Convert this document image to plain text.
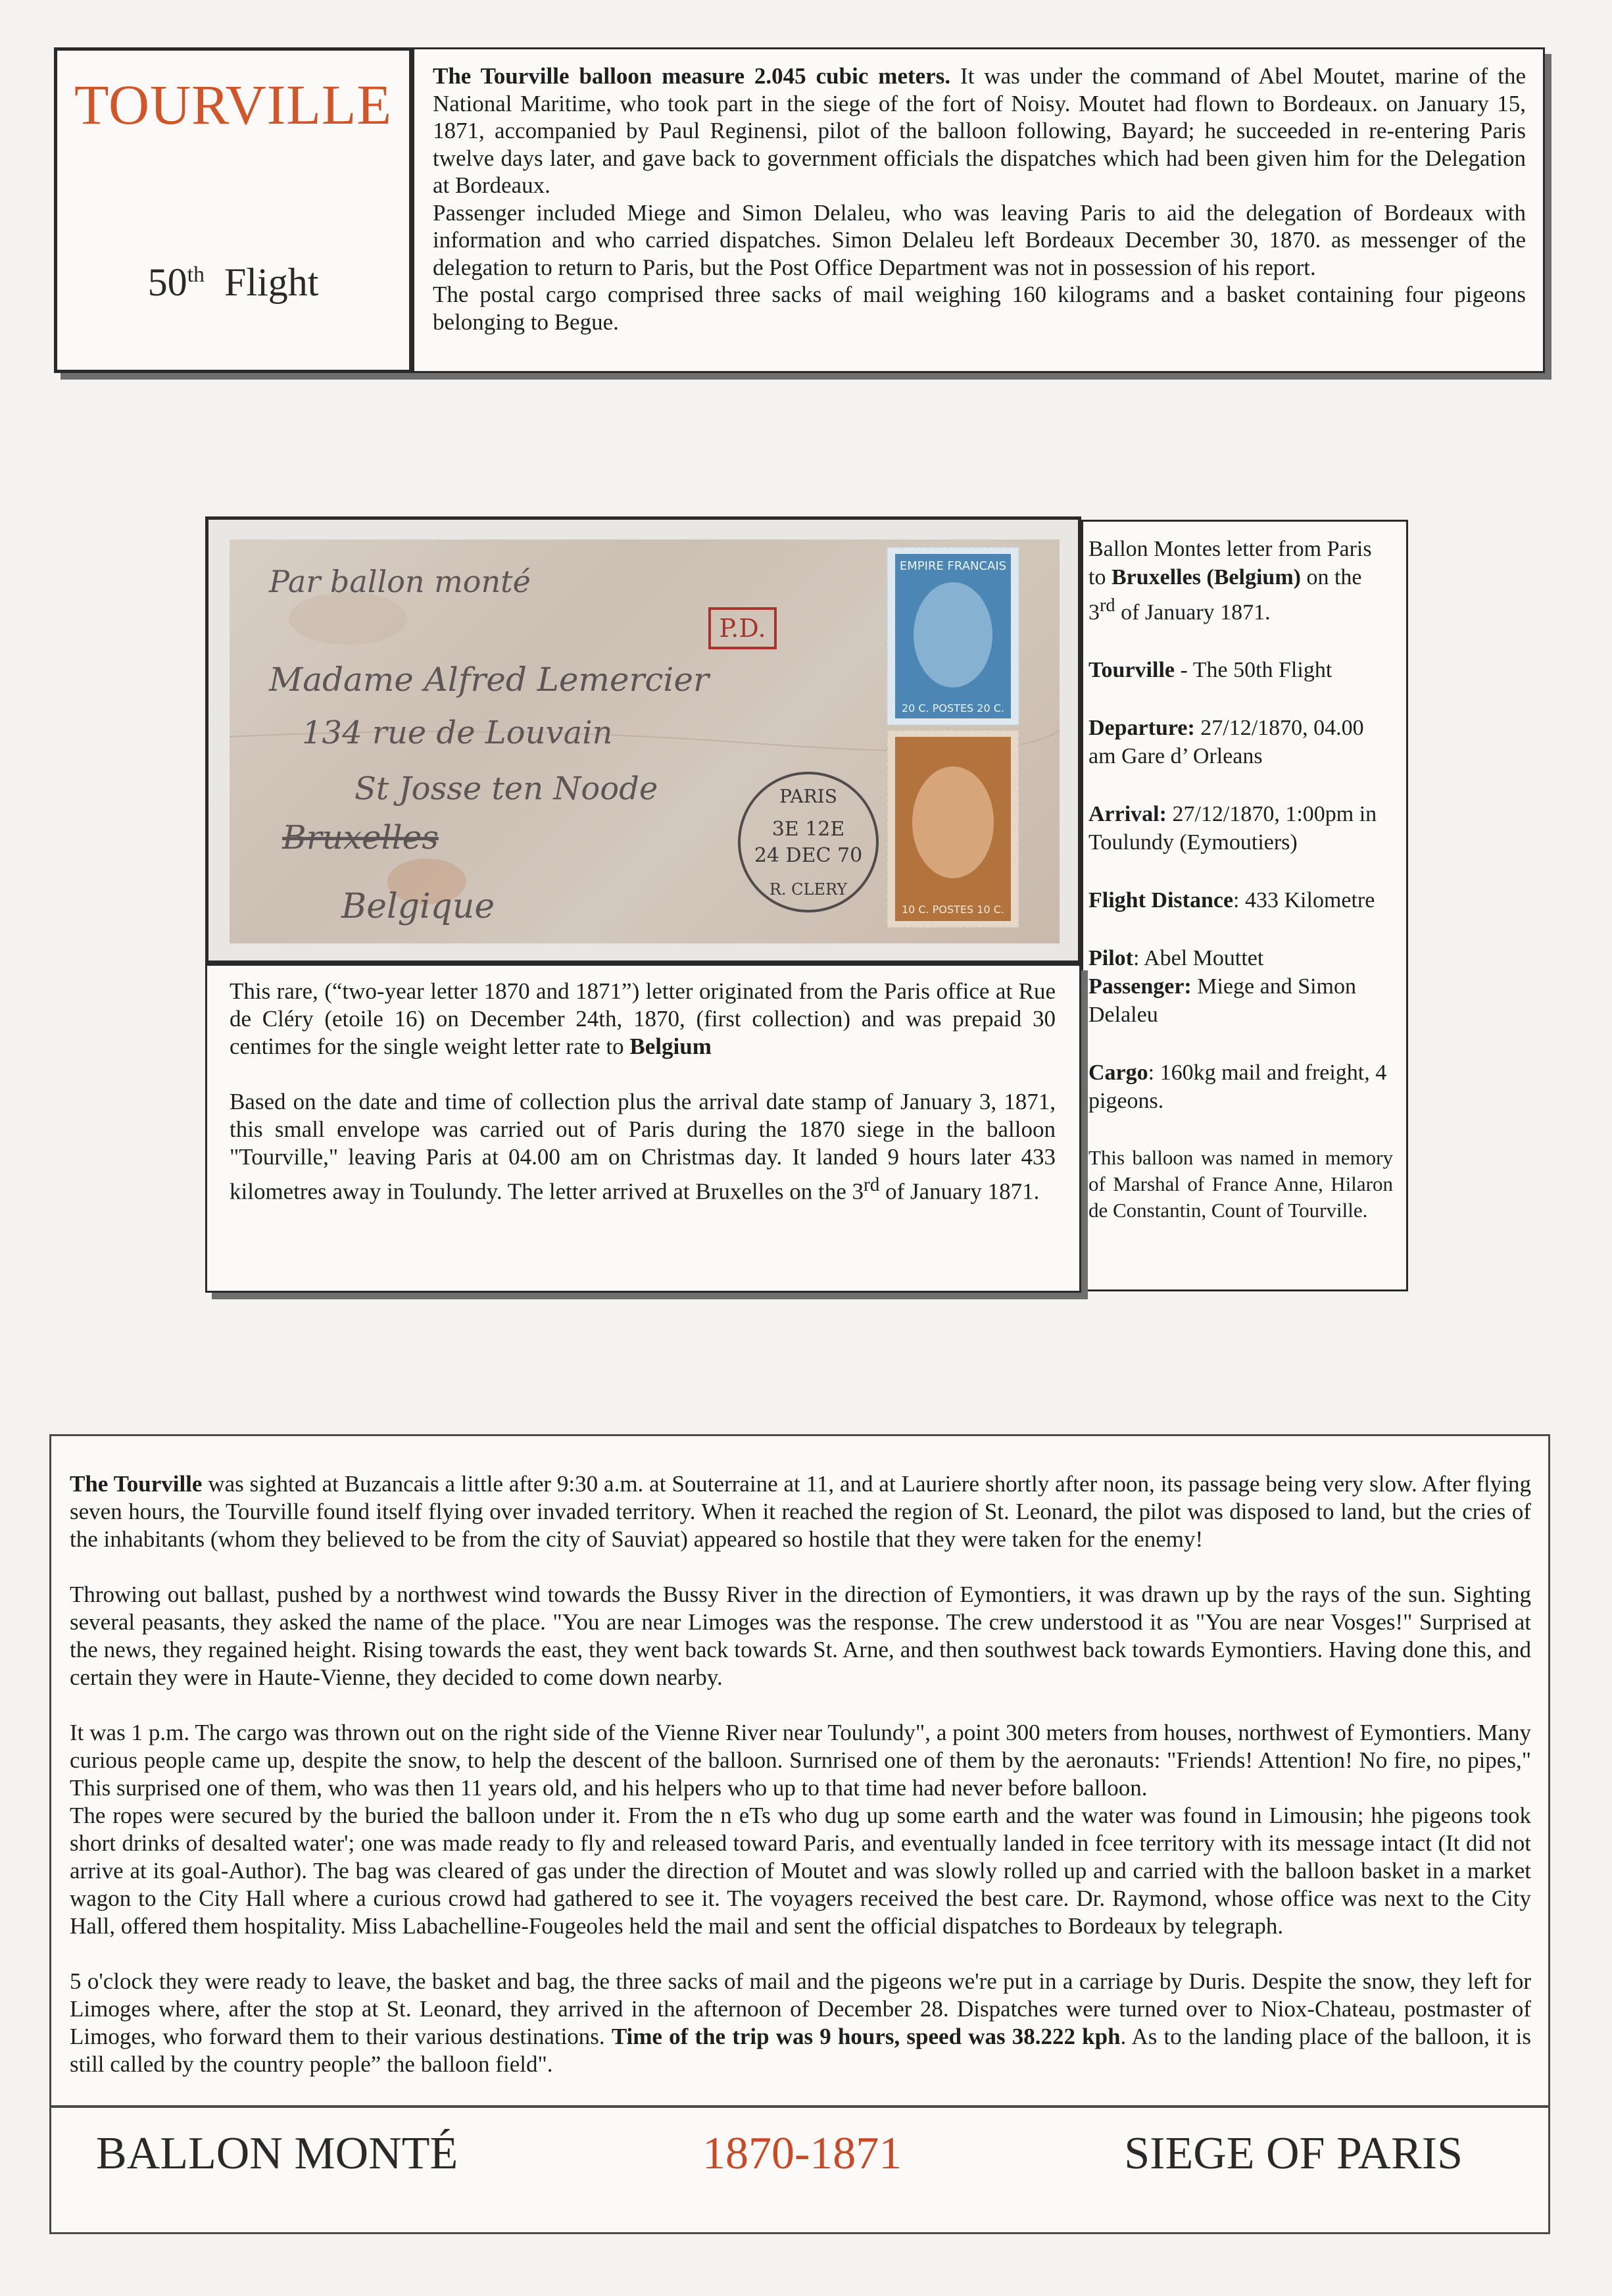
TOURVILLE
50th Flight
The Tourville balloon measure 2.045 cubic meters. It was under the command of Abel Moutet, marine of the National Maritime, who took part in the siege of the fort of Noisy. Moutet had flown to Bordeaux. on January 15, 1871, accompanied by Paul Reginensi, pilot of the balloon following, Bayard; he succeeded in re-entering Paris twelve days later, and gave back to government officials the dispatches which had been given him for the Delegation at Bordeaux.
Passenger included Miege and Simon Delaleu, who was leaving Paris to aid the delegation of Bordeaux with information and who carried dispatches. Simon Delaleu left Bordeaux December 30, 1870. as messenger of the delegation to return to Paris, but the Post Office Department was not in possession of his report.
The postal cargo comprised three sacks of mail weighing 160 kilograms and a basket containing four pigeons belonging to Begue.
Par ballon monté
Madame Alfred Lemercier
134 rue de Louvain
St Josse ten Noode
Bruxelles
Belgique
P.D.
EMPIRE FRANCAIS
20 C. POSTES 20 C.
10 C. POSTES 10 C.
PARIS
3E 12E
24 DEC 70
R. CLERY

Ballon Montes letter from Paris to Bruxelles (Belgium) on the 3rd of January 1871.

Tourville - The 50th Flight

Departure: 27/12/1870, 04.00 am Gare d’ Orleans

Arrival: 27/12/1870, 1:00pm in Toulundy (Eymoutiers)

Flight Distance: 433 Kilometre

Pilot: Abel Mouttet
Passenger: Miege and Simon Delaleu

Cargo: 160kg mail and freight, 4 pigeons.

This balloon was named in memory of Marshal of France Anne, Hilaron de Constantin, Count of Tourville.

This rare, (“two-year letter 1870 and 1871”) letter originated from the Paris office at Rue de Cléry (etoile 16) on December 24th, 1870, (first collection) and was prepaid 30 centimes for the single weight letter rate to Belgium

Based on the date and time of collection plus the arrival date stamp of January 3, 1871, this small envelope was carried out of Paris during the 1870 siege in the balloon "Tourville," leaving Paris at 04.00 am on Christmas day. It landed 9 hours later 433 kilometres away in Toulundy. The letter arrived at Bruxelles on the 3rd of January 1871.

The Tourville was sighted at Buzancais a little after 9:30 a.m. at Souterraine at 11, and at Lauriere shortly after noon, its passage being very slow. After flying seven hours, the Tourville found itself flying over invaded territory. When it reached the region of St. Leonard, the pilot was disposed to land, but the cries of the inhabitants (whom they believed to be from the city of Sauviat) appeared so hostile that they were taken for the enemy!

Throwing out ballast, pushed by a northwest wind towards the Bussy River in the direction of Eymontiers, it was drawn up by the rays of the sun. Sighting several peasants, they asked the name of the place. "You are near Limoges was the response. The crew understood it as "You are near Vosges!" Surprised at the news, they regained height. Rising towards the east, they went back towards St. Arne, and then southwest back towards Eymontiers. Having done this, and certain they were in Haute-Vienne, they decided to come down nearby.

It was 1 p.m. The cargo was thrown out on the right side of the Vienne River near Toulundy", a point 300 meters from houses, northwest of Eymontiers. Many curious people came up, despite the snow, to help the descent of the balloon. Surnrised one of them by the aeronauts: "Friends! Attention! No fire, no pipes," This surprised one of them, who was then 11 years old, and his helpers who up to that time had never before balloon.
The ropes were secured by the buried the balloon under it. From the n eTs who dug up some earth and the water was found in Limousin; hhe pigeons took short drinks of desalted water'; one was made ready to fly and released toward Paris, and eventually landed in fcee territory with its message intact (It did not arrive at its goal-Author). The bag was cleared of gas under the direction of Moutet and was slowly rolled up and carried with the balloon basket in a market wagon to the City Hall where a curious crowd had gathered to see it. The voyagers received the best care. Dr. Raymond, whose office was next to the City Hall, offered them hospitality. Miss Labachelline-Fougeoles held the mail and sent the official dispatches to Bordeaux by telegraph.

5 o'clock they were ready to leave, the basket and bag, the three sacks of mail and the pigeons we're put in a carriage by Duris. Despite the snow, they left for Limoges where, after the stop at St. Leonard, they arrived in the afternoon of December 28. Dispatches were turned over to Niox-Chateau, postmaster of Limoges, who forward them to their various destinations. Time of the trip was 9 hours, speed was 38.222 kph. As to the landing place of the balloon, it is still called by the country people” the balloon field".

BALLON MONTÉ	1870-1871	SIEGE OF PARIS
